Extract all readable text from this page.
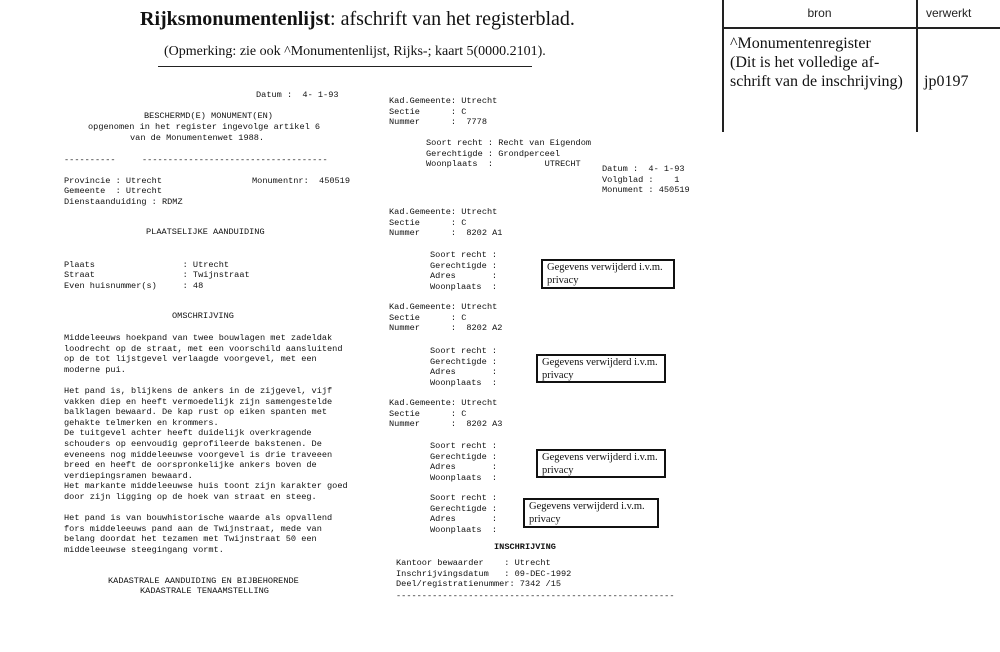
Rijksmonumentenlijst: afschrift van het registerblad.
(Opmerking: zie ook ^Monumentenlijst, Rijks-; kaart 5(0000.2101).
bron	verwerkt
^Monumentenregister
(Dit is het volledige af-
schrift van de inschrijving) jp0197
Datum :  4- 1-93
BESCHERMD(E) MONUMENT(EN)
opgenomen in het register ingevolge artikel 6
van de Monumentenwet 1988.
----------	------------------------------------
Provincie : Utrecht	Monumentnr:  450519
Gemeente  : Utrecht
Dienstaanduiding : RDMZ
PLAATSELIJKE AANDUIDING
Plaats                 : Utrecht
Straat                 : Twijnstraat
Even huisnummer(s)     : 48
OMSCHRIJVING
Middeleeuws hoekpand van twee bouwlagen met zadeldak
loodrecht op de straat, met een voorschild aansluitend
op de tot lijstgevel verlaagde voorgevel, met een
moderne pui.

Het pand is, blijkens de ankers in de zijgevel, vijf
vakken diep en heeft vermoedelijk zijn samengestelde
balklagen bewaard. De kap rust op eiken spanten met
gehakte telmerken en krommers.
De tuitgevel achter heeft duidelijk overkragende
schouders op eenvoudig geprofileerde bakstenen. De
eveneens nog middeleeuwse voorgevel is drie traveeen
breed en heeft de oorspronkelijke ankers boven de
verdiepingsramen bewaard.
Het markante middeleeuwse huis toont zijn karakter goed
door zijn ligging op de hoek van straat en steeg.

Het pand is van bouwhistorische waarde als opvallend
fors middeleeuws pand aan de Twijnstraat, mede van
belang doordat het tezamen met Twijnstraat 50 een
middeleeuwse steegingang vormt.
KADASTRALE AANDUIDING EN BIJBEHORENDE
KADASTRALE TENAAMSTELLING
Kad.Gemeente: Utrecht
Sectie      : C
Nummer      :  7778
Soort recht : Recht van Eigendom
Gerechtigde : Grondperceel
Woonplaats  :          UTRECHT	Datum :  4- 1-93
Volgblad :    1
Monument : 450519
Kad.Gemeente: Utrecht
Sectie      : C
Nummer      :  8202 A1
Soort recht :
Gerechtigde :
Adres       :
Woonplaats  :
Gegevens verwijderd i.v.m.
privacy
Kad.Gemeente: Utrecht
Sectie      : C
Nummer      :  8202 A2
Soort recht :
Gerechtigde :
Adres       :
Woonplaats  :
Gegevens verwijderd i.v.m.
privacy
Kad.Gemeente: Utrecht
Sectie      : C
Nummer      :  8202 A3
Soort recht :
Gerechtigde :
Adres       :
Woonplaats  :
Gegevens verwijderd i.v.m.
privacy
Soort recht :
Gerechtigde :
Adres       :
Woonplaats  :
Gegevens verwijderd i.v.m.
privacy
INSCHRIJVING
Kantoor bewaarder    : Utrecht
Inschrijvingsdatum   : 09-DEC-1992
Deel/registratienummer: 7342 /15
------------------------------------------------------
